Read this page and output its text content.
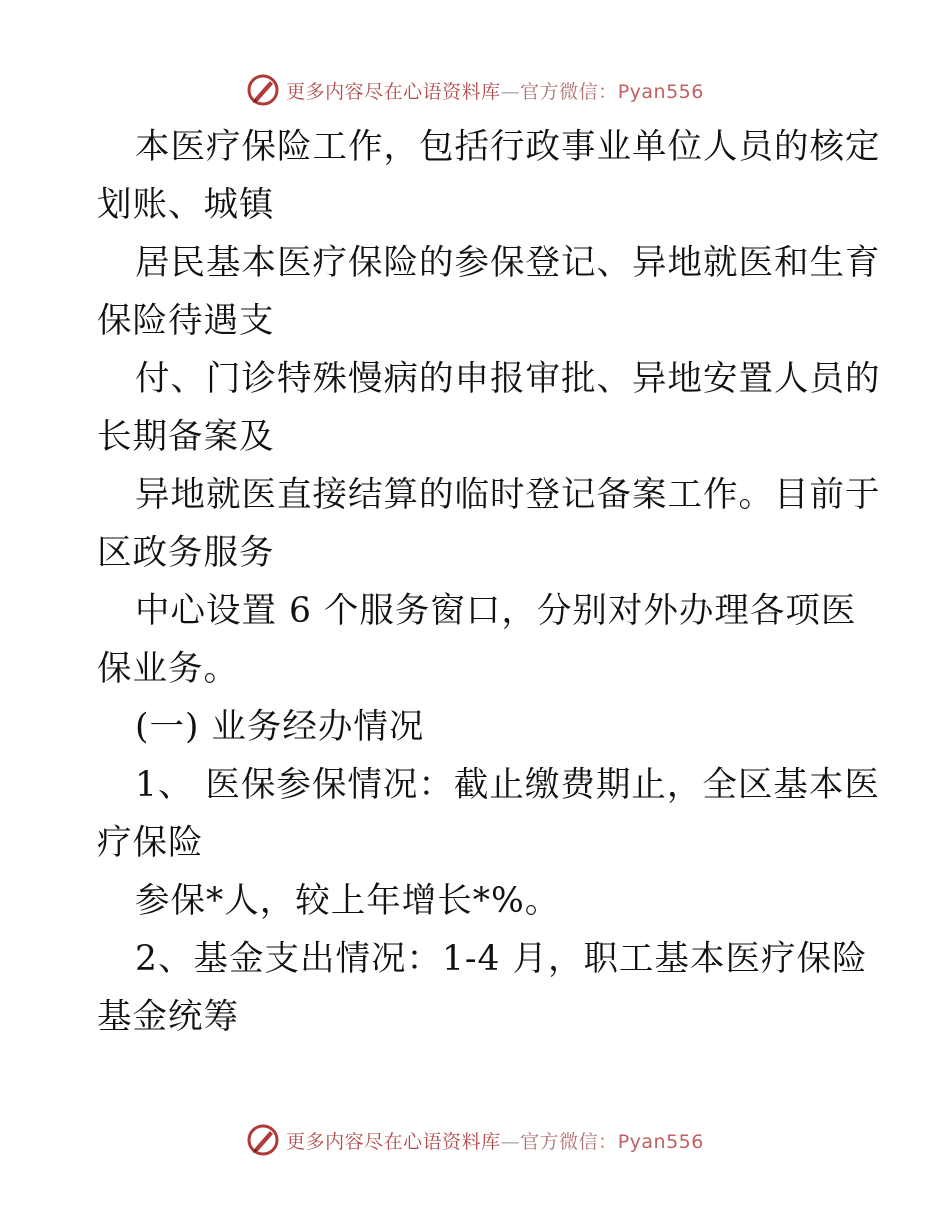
更多内容尽在心语资料库—官方微信：Pyan556
本医疗保险工作，包括行政事业单位人员的核定
划账、城镇
居民基本医疗保险的参保登记、异地就医和生育
保险待遇支
付、门诊特殊慢病的申报审批、异地安置人员的
长期备案及
异地就医直接结算的临时登记备案工作。目前于
区政务服务
中心设置 6 个服务窗口，分别对外办理各项医
保业务。
(一) 业务经办情况
1、 医保参保情况：截止缴费期止，全区基本医
疗保险
参保*人，较上年增长*%。
2、基金支出情况：1-4 月，职工基本医疗保险
基金统筹
更多内容尽在心语资料库—官方微信：Pyan556
